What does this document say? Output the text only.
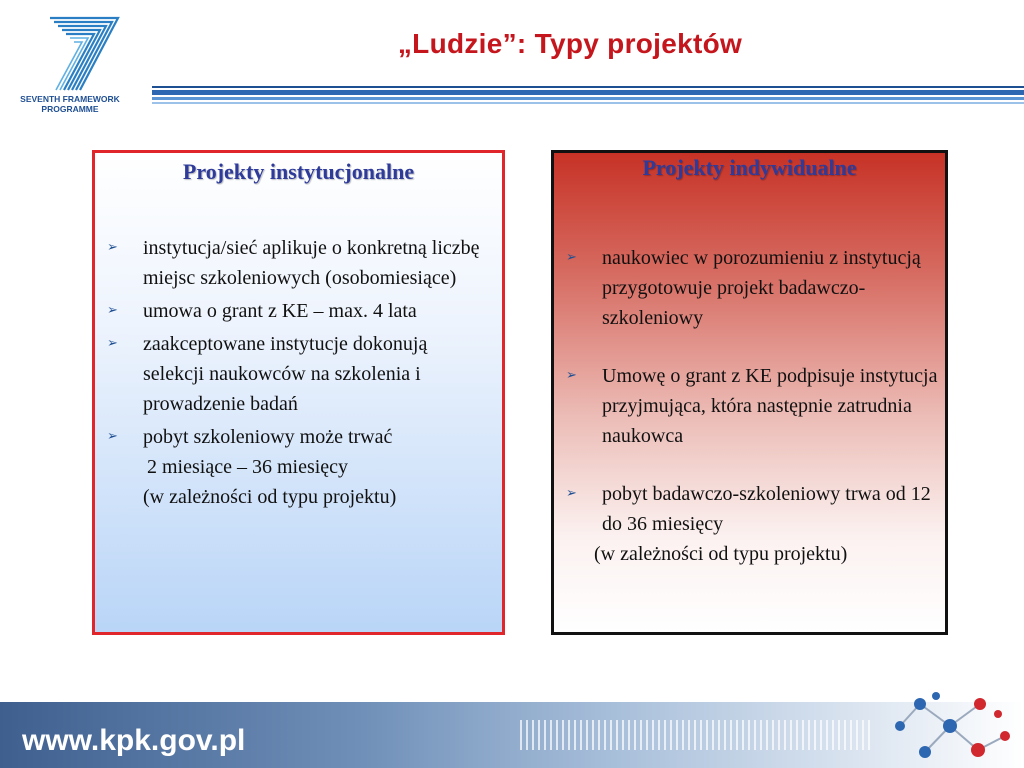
SEVENTH FRAMEWORK
PROGRAMME
„Ludzie”: Typy projektów
Projekty instytucjonalne
➢ instytucja/sieć aplikuje o konkretną liczbę miejsc szkoleniowych (osobomiesiące)
➢ umowa o grant z KE – max. 4 lata
➢ zaakceptowane instytucje dokonują selekcji naukowców na szkolenia i prowadzenie badań
➢ pobyt szkoleniowy może trwać
2 miesiące – 36 miesięcy
(w zależności od typu projektu)
Projekty indywidualne
➢ naukowiec w porozumieniu z instytucją przygotowuje projekt badawczo-szkoleniowy
➢ Umowę o grant z KE podpisuje instytucja przyjmująca, która następnie zatrudnia naukowca
➢ pobyt badawczo-szkoleniowy trwa od 12 do 36 miesięcy
(w zależności od typu projektu)
www.kpk.gov.pl
